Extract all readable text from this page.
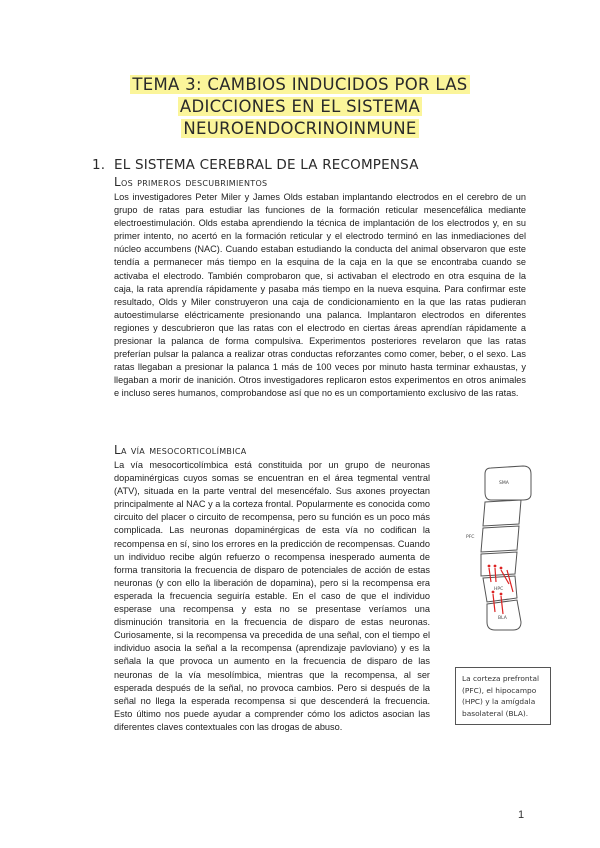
TEMA 3: CAMBIOS INDUCIDOS POR LAS
ADICCIONES EN EL SISTEMA
NEUROENDOCRINOINMUNE
1. EL SISTEMA CEREBRAL DE LA RECOMPENSA
Los primeros descubrimientos

Los investigadores Peter Miler y James Olds estaban implantando electrodos en el cerebro de un grupo de ratas para estudiar las funciones de la formación reticular mesencefálica mediante electroestimulación. Olds estaba aprendiendo la técnica de implantación de los electrodos y, en su primer intento, no acertó en la formación reticular y el electrodo terminó en las inmediaciones del núcleo accumbens (NAC). Cuando estaban estudiando la conducta del animal observaron que este tendía a permanecer más tiempo en la esquina de la caja en la que se encontraba cuando se activaba el electrodo. También comprobaron que, si activaban el electrodo en otra esquina de la caja, la rata aprendía rápidamente y pasaba más tiempo en la nueva esquina. Para confirmar este resultado, Olds y Miler construyeron una caja de condicionamiento en la que las ratas pudieran autoestimularse eléctricamente presionando una palanca. Implantaron electrodos en diferentes regiones y descubrieron que las ratas con el electrodo en ciertas áreas aprendían rápidamente a presionar la palanca de forma compulsiva. Experimentos posteriores revelaron que las ratas preferían pulsar la palanca a realizar otras conductas reforzantes como comer, beber, o el sexo. Las ratas llegaban a presionar la palanca 1 más de 100 veces por minuto hasta terminar exhaustas, y llegaban a morir de inanición. Otros investigadores replicaron estos experimentos en otros animales e incluso seres humanos, comprobandose así que no es un comportamiento exclusivo de las ratas.

La vía mesocorticolímbica

La vía mesocorticolímbica está constituida por un grupo de neuronas dopaminérgicas cuyos somas se encuentran en el área tegmental ventral (ATV), situada en la parte ventral del mesencéfalo. Sus axones proyectan principalmente al NAC y a la corteza frontal. Popularmente es conocida como circuito del placer o circuito de recompensa, pero su función es un poco más complicada. Las neuronas dopaminérgicas de esta vía no codifican la recompensa en sí, sino los errores en la predicción de recompensas. Cuando un individuo recibe algún refuerzo o recompensa inesperado aumenta de forma transitoria la frecuencia de disparo de potenciales de acción de estas neuronas (y con ello la liberación de dopamina), pero si la recompensa era esperada la frecuencia seguiría estable. En el caso de que el individuo esperase una recompensa y esta no se presentase veríamos una disminución transitoria en la frecuencia de disparo de estas neuronas. Curiosamente, si la recompensa va precedida de una señal, con el tiempo el individuo asocia la señal a la recompensa (aprendizaje pavloviano) y es la señala la que provoca un aumento en la frecuencia de disparo de las neuronas de la vía mesolímbica, mientras que la recompensa, al ser esperada después de la señal, no provoca cambios. Pero si después de la señal no llega la esperada recompensa si que descenderá la frecuencia. Esto último nos puede ayudar a comprender cómo los adictos asocian las diferentes claves contextuales con las drogas de abuso.

SMA
PFC
HPC
BLA
La corteza prefrontal (PFC), el hipocampo (HPC) y la amígdala basolateral (BLA).
1
